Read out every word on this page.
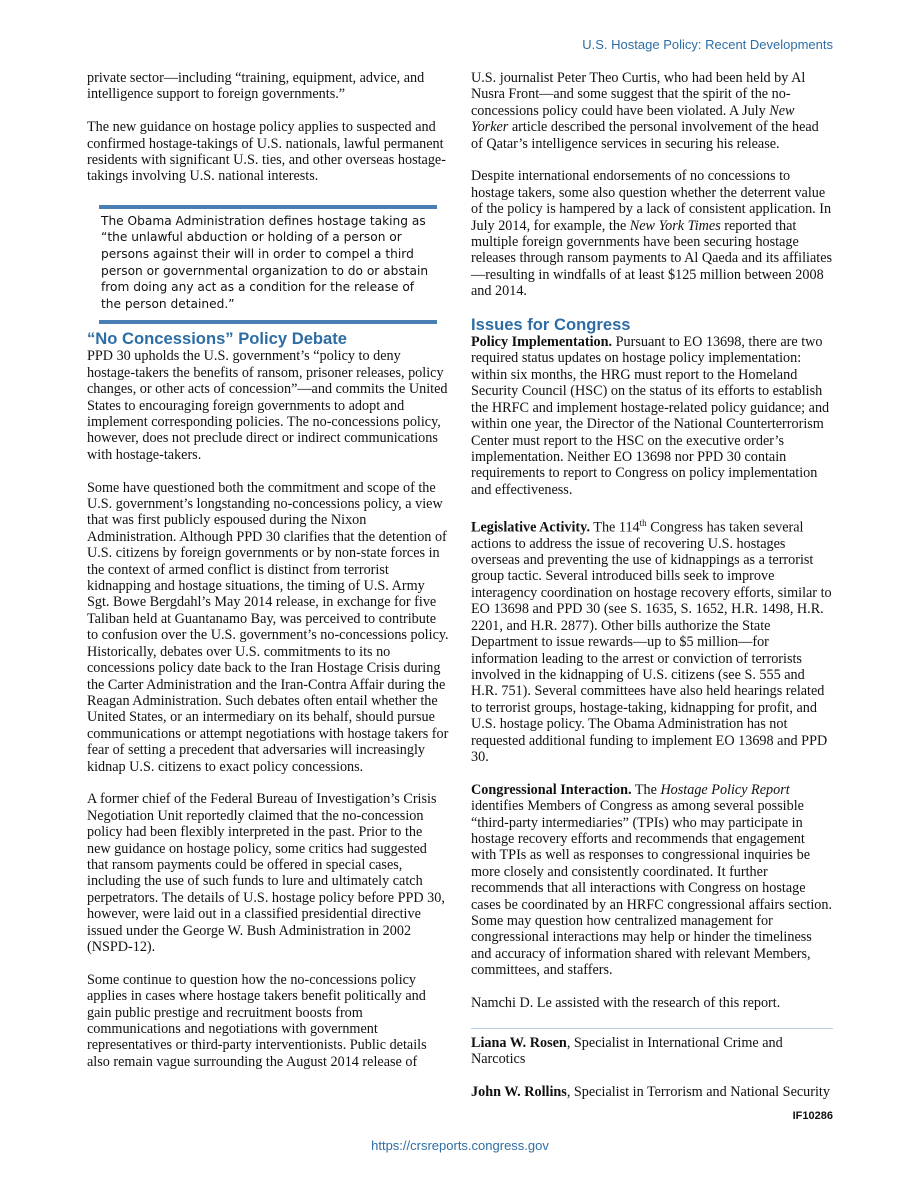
U.S. Hostage Policy: Recent Developments

private sector—including “training, equipment, advice, and intelligence support to foreign governments.”

The new guidance on hostage policy applies to suspected and confirmed hostage-takings of U.S. nationals, lawful permanent residents with significant U.S. ties, and other overseas hostage-takings involving U.S. national interests.

The Obama Administration defines hostage taking as “the unlawful abduction or holding of a person or persons against their will in order to compel a third person or governmental organization to do or abstain from doing any act as a condition for the release of the person detained.”
“No Concessions” Policy Debate

PPD 30 upholds the U.S. government’s “policy to deny hostage-takers the benefits of ransom, prisoner releases, policy changes, or other acts of concession”—and commits the United States to encouraging foreign governments to adopt and implement corresponding policies. The no-concessions policy, however, does not preclude direct or indirect communications with hostage-takers.

Some have questioned both the commitment and scope of the U.S. government’s longstanding no-concessions policy, a view that was first publicly espoused during the Nixon Administration. Although PPD 30 clarifies that the detention of U.S. citizens by foreign governments or by non-state forces in the context of armed conflict is distinct from terrorist kidnapping and hostage situations, the timing of U.S. Army Sgt. Bowe Bergdahl’s May 2014 release, in exchange for five Taliban held at Guantanamo Bay, was perceived to contribute to confusion over the U.S. government’s no-concessions policy. Historically, debates over U.S. commitments to its no concessions policy date back to the Iran Hostage Crisis during the Carter Administration and the Iran-Contra Affair during the Reagan Administration. Such debates often entail whether the United States, or an intermediary on its behalf, should pursue communications or attempt negotiations with hostage takers for fear of setting a precedent that adversaries will increasingly kidnap U.S. citizens to exact policy concessions.

A former chief of the Federal Bureau of Investigation’s Crisis Negotiation Unit reportedly claimed that the no-concession policy had been flexibly interpreted in the past. Prior to the new guidance on hostage policy, some critics had suggested that ransom payments could be offered in special cases, including the use of such funds to lure and ultimately catch perpetrators. The details of U.S. hostage policy before PPD 30, however, were laid out in a classified presidential directive issued under the George W. Bush Administration in 2002 (NSPD-12).

Some continue to question how the no-concessions policy applies in cases where hostage takers benefit politically and gain public prestige and recruitment boosts from communications and negotiations with government representatives or third-party interventionists. Public details also remain vague surrounding the August 2014 release of

U.S. journalist Peter Theo Curtis, who had been held by Al Nusra Front—and some suggest that the spirit of the no-concessions policy could have been violated. A July New Yorker article described the personal involvement of the head of Qatar’s intelligence services in securing his release.

Despite international endorsements of no concessions to hostage takers, some also question whether the deterrent value of the policy is hampered by a lack of consistent application. In July 2014, for example, the New York Times reported that multiple foreign governments have been securing hostage releases through ransom payments to Al Qaeda and its affiliates—resulting in windfalls of at least $125 million between 2008 and 2014.

Issues for Congress

Policy Implementation. Pursuant to EO 13698, there are two required status updates on hostage policy implementation: within six months, the HRG must report to the Homeland Security Council (HSC) on the status of its efforts to establish the HRFC and implement hostage-related policy guidance; and within one year, the Director of the National Counterterrorism Center must report to the HSC on the executive order’s implementation. Neither EO 13698 nor PPD 30 contain requirements to report to Congress on policy implementation and effectiveness.

Legislative Activity. The 114th Congress has taken several actions to address the issue of recovering U.S. hostages overseas and preventing the use of kidnappings as a terrorist group tactic. Several introduced bills seek to improve interagency coordination on hostage recovery efforts, similar to EO 13698 and PPD 30 (see S. 1635, S. 1652, H.R. 1498, H.R. 2201, and H.R. 2877). Other bills authorize the State Department to issue rewards—up to $5 million—for information leading to the arrest or conviction of terrorists involved in the kidnapping of U.S. citizens (see S. 555 and H.R. 751). Several committees have also held hearings related to terrorist groups, hostage-taking, kidnapping for profit, and U.S. hostage policy. The Obama Administration has not requested additional funding to implement EO 13698 and PPD 30.

Congressional Interaction. The Hostage Policy Report identifies Members of Congress as among several possible “third-party intermediaries” (TPIs) who may participate in hostage recovery efforts and recommends that engagement with TPIs as well as responses to congressional inquiries be more closely and consistently coordinated. It further recommends that all interactions with Congress on hostage cases be coordinated by an HRFC congressional affairs section. Some may question how centralized management for congressional interactions may help or hinder the timeliness and accuracy of information shared with relevant Members, committees, and staffers.

Namchi D. Le assisted with the research of this report.

Liana W. Rosen, Specialist in International Crime and Narcotics

John W. Rollins, Specialist in Terrorism and National Security

IF10286
https://crsreports.congress.gov
